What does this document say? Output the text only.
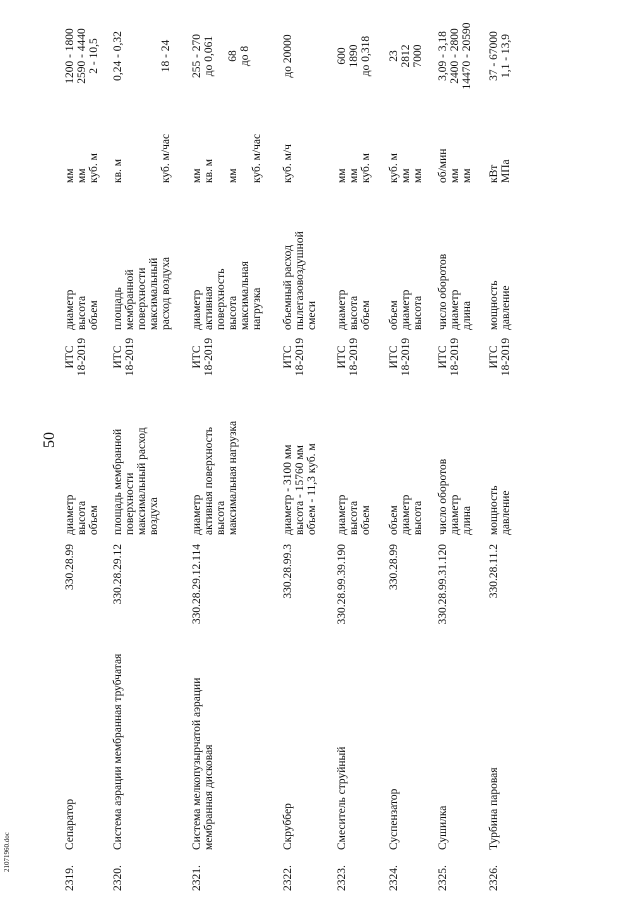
21071960.doc
50
2319.
Сепаратор
330.28.99
диаметр
высота
объем
ИТС
18-2019
диаметр
высота
объем
мм
мм
куб. м
1200 - 1800
2590 - 4440
2 - 10,5
2320.
Система аэрации мембранная трубчатая
330.28.29.12
площадь мембранной
поверхности
максимальный расход
воздуха
ИТС
18-2019
площадь
мембранной
поверхности
максимальный
расход воздуха
кв. м

куб. м/час
0,24 - 0,32

18 - 24
2321.
Система мелкопузырчатой аэрации
мембранная дисковая
330.28.29.12.114
диаметр
активная поверхность
высота
максимальная нагрузка
ИТС
18-2019
диаметр
активная
поверхность
высота
максимальная
нагрузка
мм
кв. м

мм

куб. м/час
255 - 270
до 0,061

68
до 8
2322.
Скруббер
330.28.99.3
диаметр - 3100 мм
высота - 15760 мм
объем - 11,3 куб. м
ИТС
18-2019
объемный расход
пылегазовоздушной
смеси
куб. м/ч
до 20000
2323.
Смеситель струйный
330.28.99.39.190
диаметр
высота
объем
ИТС
18-2019
диаметр
высота
объем
мм
мм
куб. м
600
1890
до 0,318
2324.
Суспензатор
330.28.99
объем
диаметр
высота
ИТС
18-2019
объем
диаметр
высота
куб. м
мм
мм
23
2812
7000
2325.
Сушилка
330.28.99.31.120
число оборотов
диаметр
длина
ИТС
18-2019
число оборотов
диаметр
длина
об/мин
мм
мм
3,09 - 3,18
2400 - 2800
14470 - 20590
2326.
Турбина паровая
330.28.11.2
мощность
давление
ИТС
18-2019
мощность
давление
кВт
МПа
37 - 67000
1,1 - 13,9
